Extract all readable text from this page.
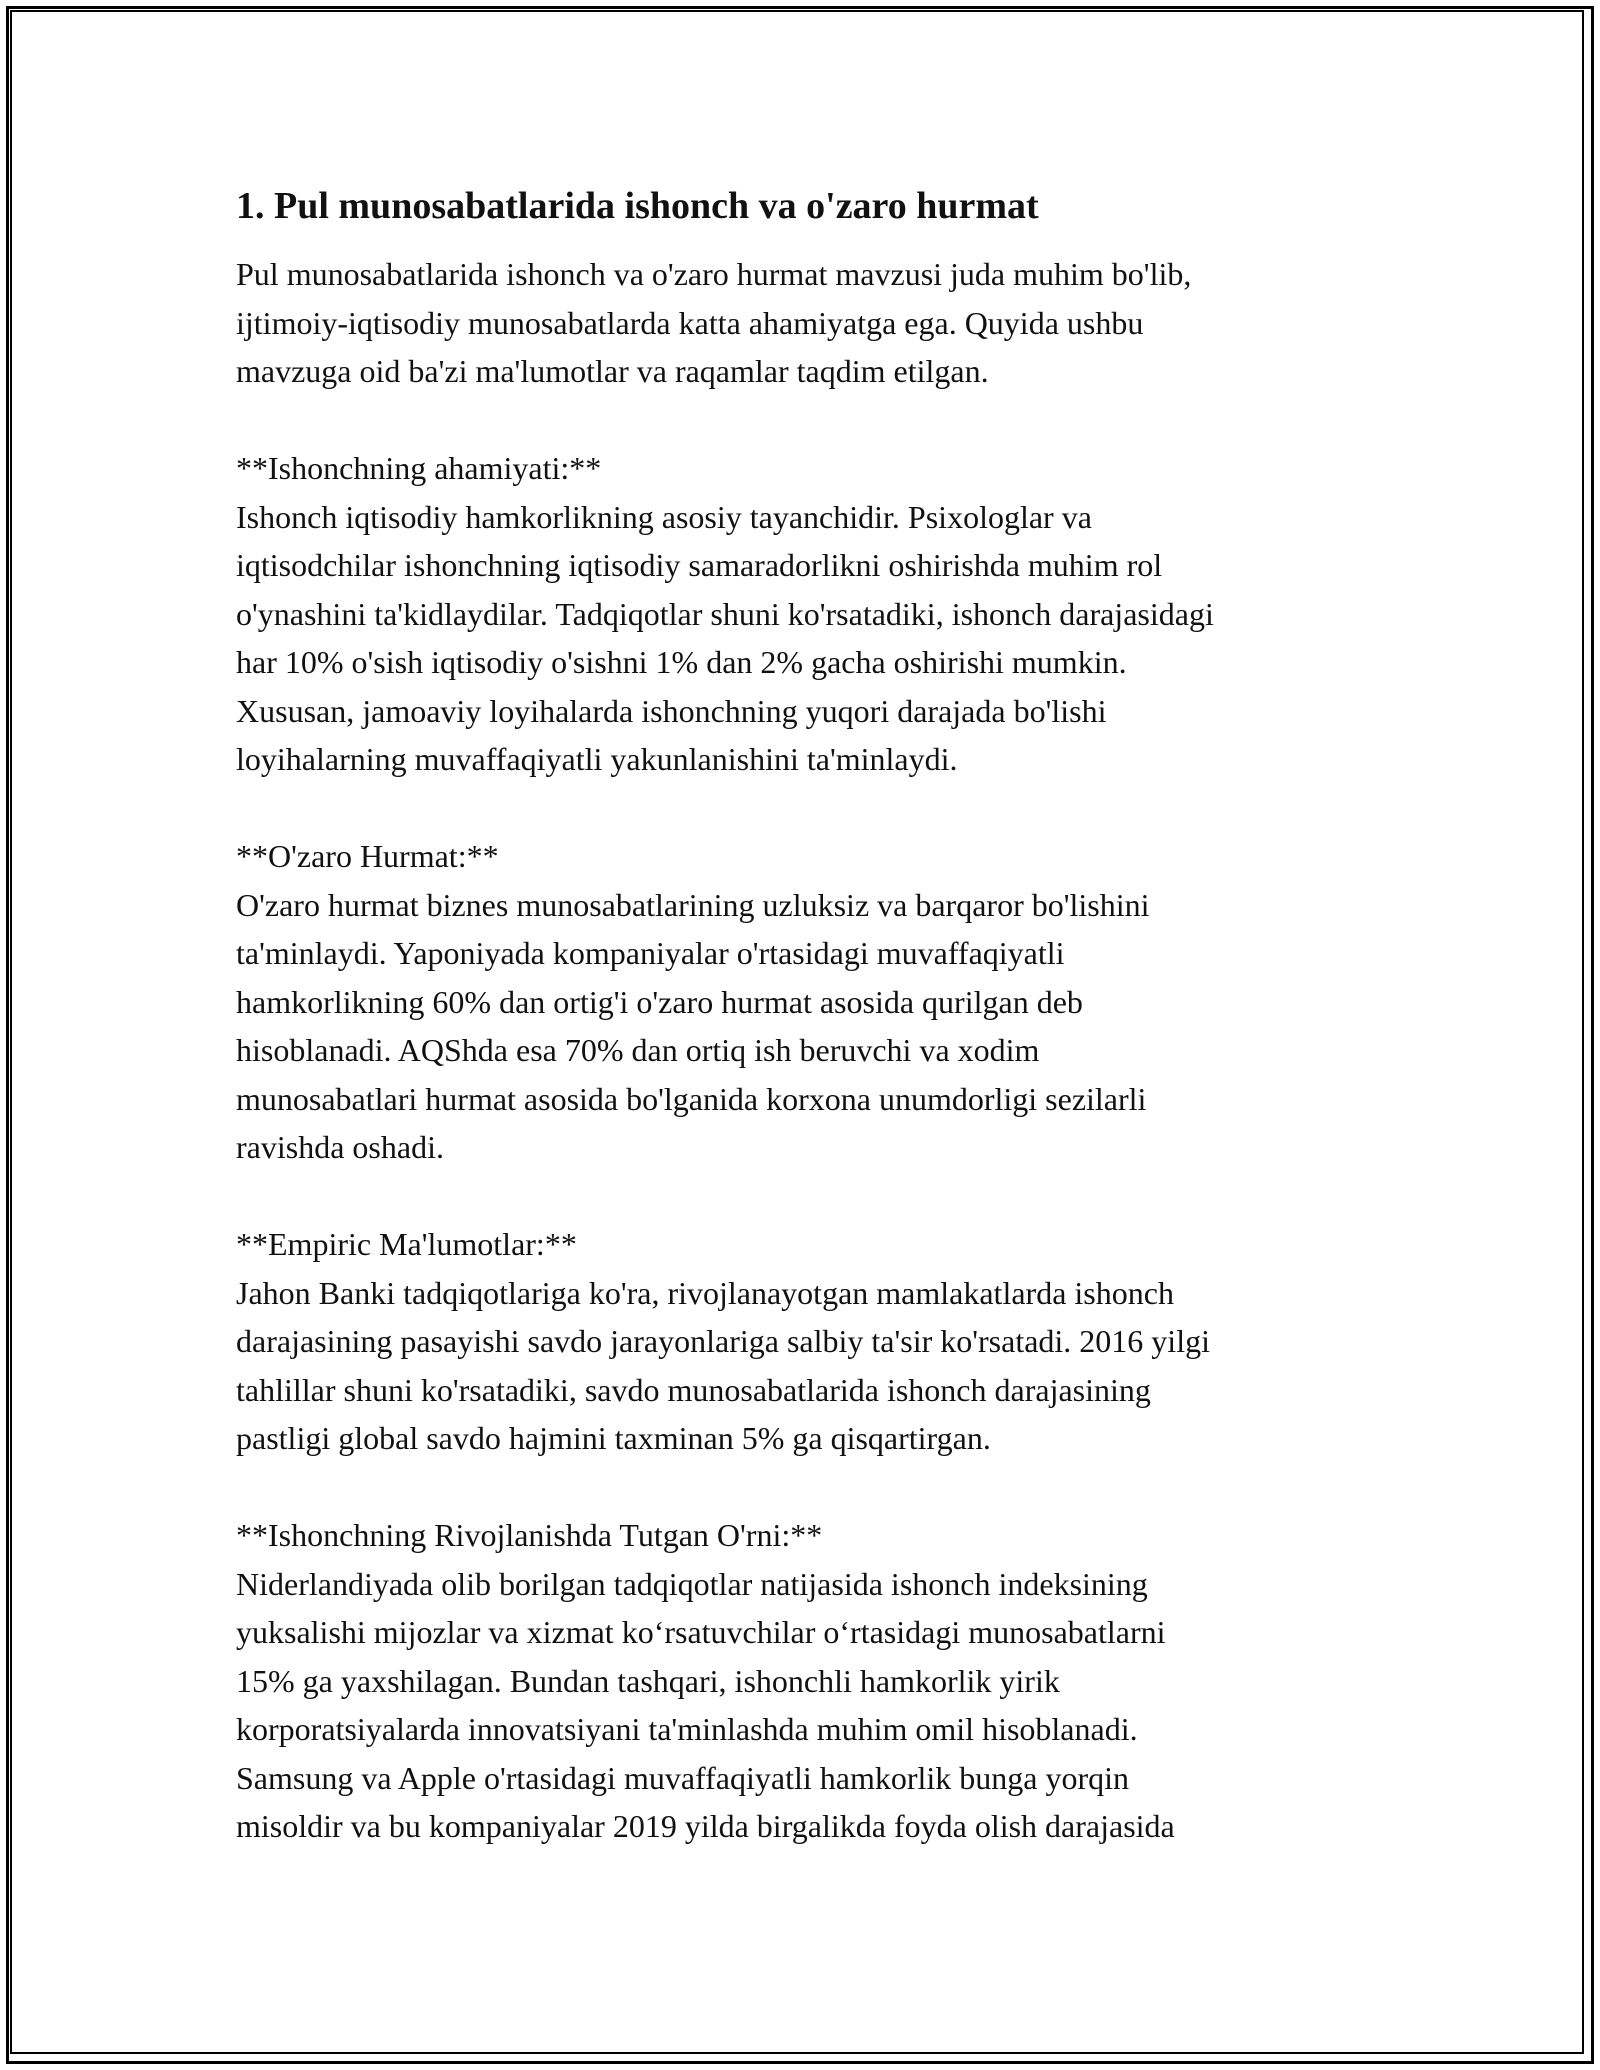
1. Pul munosabatlarida ishonch va o'zaro hurmat
Pul munosabatlarida ishonch va o'zaro hurmat mavzusi juda muhim bo'lib,
ijtimoiy-iqtisodiy munosabatlarda katta ahamiyatga ega. Quyida ushbu
mavzuga oid ba'zi ma'lumotlar va raqamlar taqdim etilgan.
**Ishonchning ahamiyati:**
Ishonch iqtisodiy hamkorlikning asosiy tayanchidir. Psixologlar va
iqtisodchilar ishonchning iqtisodiy samaradorlikni oshirishda muhim rol
o'ynashini ta'kidlaydilar. Tadqiqotlar shuni ko'rsatadiki, ishonch darajasidagi
har 10% o'sish iqtisodiy o'sishni 1% dan 2% gacha oshirishi mumkin.
Xususan, jamoaviy loyihalarda ishonchning yuqori darajada bo'lishi
loyihalarning muvaffaqiyatli yakunlanishini ta'minlaydi.
**O'zaro Hurmat:**
O'zaro hurmat biznes munosabatlarining uzluksiz va barqaror bo'lishini
ta'minlaydi. Yaponiyada kompaniyalar o'rtasidagi muvaffaqiyatli
hamkorlikning 60% dan ortig'i o'zaro hurmat asosida qurilgan deb
hisoblanadi. AQShda esa 70% dan ortiq ish beruvchi va xodim
munosabatlari hurmat asosida bo'lganida korxona unumdorligi sezilarli
ravishda oshadi.
**Empiric Ma'lumotlar:**
Jahon Banki tadqiqotlariga ko'ra, rivojlanayotgan mamlakatlarda ishonch
darajasining pasayishi savdo jarayonlariga salbiy ta'sir ko'rsatadi. 2016 yilgi
tahlillar shuni ko'rsatadiki, savdo munosabatlarida ishonch darajasining
pastligi global savdo hajmini taxminan 5% ga qisqartirgan.
**Ishonchning Rivojlanishda Tutgan O'rni:**
Niderlandiyada olib borilgan tadqiqotlar natijasida ishonch indeksining
yuksalishi mijozlar va xizmat ko‘rsatuvchilar o‘rtasidagi munosabatlarni
15% ga yaxshilagan. Bundan tashqari, ishonchli hamkorlik yirik
korporatsiyalarda innovatsiyani ta'minlashda muhim omil hisoblanadi.
Samsung va Apple o'rtasidagi muvaffaqiyatli hamkorlik bunga yorqin
misoldir va bu kompaniyalar 2019 yilda birgalikda foyda olish darajasida
